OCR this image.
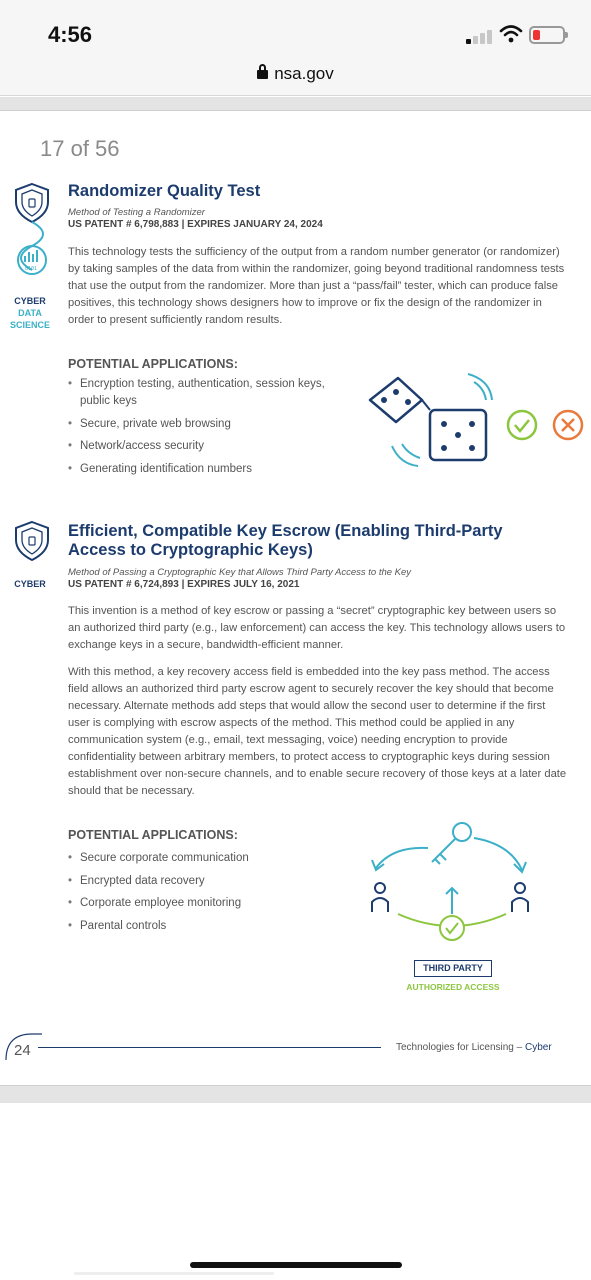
4:56
nsa.gov
17 of 56
0101
CYBER
DATA
SCIENCE
Randomizer Quality Test
Method of Testing a Randomizer
US PATENT # 6,798,883 | EXPIRES JANUARY 24, 2024
This technology tests the sufficiency of the output from a random number generator (or randomizer) by taking samples of the data from within the randomizer, going beyond traditional randomness tests that use the output from the randomizer. More than just a “pass/fail” tester, which can produce false positives, this technology shows designers how to improve or fix the design of the randomizer in order to present sufficiently random results.
POTENTIAL APPLICATIONS:
• Encryption testing, authentication, session keys, public keys
• Secure, private web browsing
• Network/access security
• Generating identification numbers
CYBER
Efficient, Compatible Key Escrow (Enabling Third-Party Access to Cryptographic Keys)
Method of Passing a Cryptographic Key that Allows Third Party Access to the Key
US PATENT # 6,724,893 | EXPIRES JULY 16, 2021
This invention is a method of key escrow or passing a “secret” cryptographic key between users so an authorized third party (e.g., law enforcement) can access the key. This technology allows users to exchange keys in a secure, bandwidth-efficient manner.
With this method, a key recovery access field is embedded into the key pass method. The access field allows an authorized third party escrow agent to securely recover the key should that become necessary. Alternate methods add steps that would allow the second user to determine if the first user is complying with escrow aspects of the method. This method could be applied in any communication system (e.g., email, text messaging, voice) needing encryption to provide confidentiality between arbitrary members, to protect access to cryptographic keys during session establishment over non-secure channels, and to enable secure recovery of those keys at a later date should that be necessary.
POTENTIAL APPLICATIONS:
• Secure corporate communication
• Encrypted data recovery
• Corporate employee monitoring
• Parental controls
THIRD PARTY
AUTHORIZED ACCESS
24	Technologies for Licensing – Cyber
